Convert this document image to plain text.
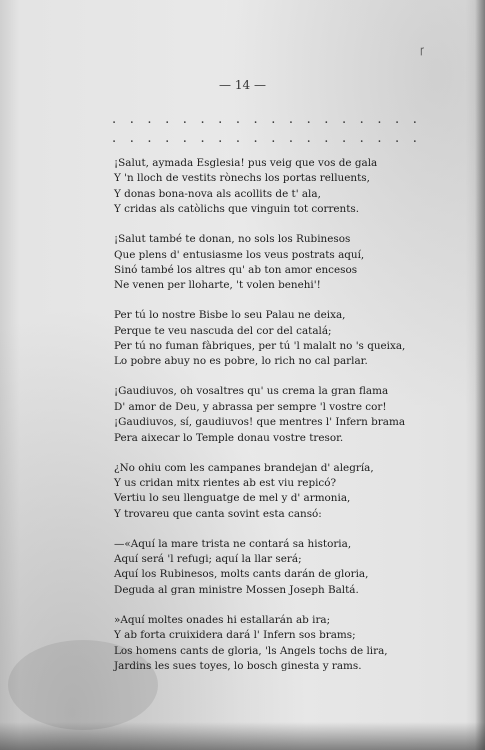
ꞅ
— 14 —
. . . . . . . . . . . . . . . . . .
. . . . . . . . . . . . . . . . . .
¡Salut, aymada Esglesia! pus veig que vos de gala
Y 'n lloch de vestits rònechs los portas relluents,
Y donas bona-nova als acollits de t' ala,
Y cridas als catòlichs que vinguin tot corrents.
¡Salut també te donan, no sols los Rubinesos
Que plens d' entusiasme los veus postrats aquí,
Sinó també los altres qu' ab ton amor encesos
Ne venen per lloharte, 't volen benehi'!
Per tú lo nostre Bisbe lo seu Palau ne deixa,
Perque te veu nascuda del cor del catalá;
Per tú no fuman fàbriques, per tú 'l malalt no 's queixa,
Lo pobre abuy no es pobre, lo rich no cal parlar.
¡Gaudiuvos, oh vosaltres qu' us crema la gran flama
D' amor de Deu, y abrassa per sempre 'l vostre cor!
¡Gaudiuvos, sí, gaudiuvos! que mentres l' Infern brama
Pera aixecar lo Temple donau vostre tresor.
¿No ohiu com les campanes brandejan d' alegría,
Y us cridan mitx rientes ab est viu repicó?
Vertiu lo seu llenguatge de mel y d' armonia,
Y trovareu que canta sovint esta cansó:
—«Aquí la mare trista ne contará sa historia,
Aquí será 'l refugi; aquí la llar será;
Aquí los Rubinesos, molts cants darán de gloria,
Deguda al gran ministre Mossen Joseph Baltá.
»Aquí moltes onades hi estallarán ab ira;
Y ab forta cruixidera dará l' Infern sos brams;
Los homens cants de gloria, 'ls Angels tochs de lira,
Jardins les sues toyes, lo bosch ginesta y rams.
